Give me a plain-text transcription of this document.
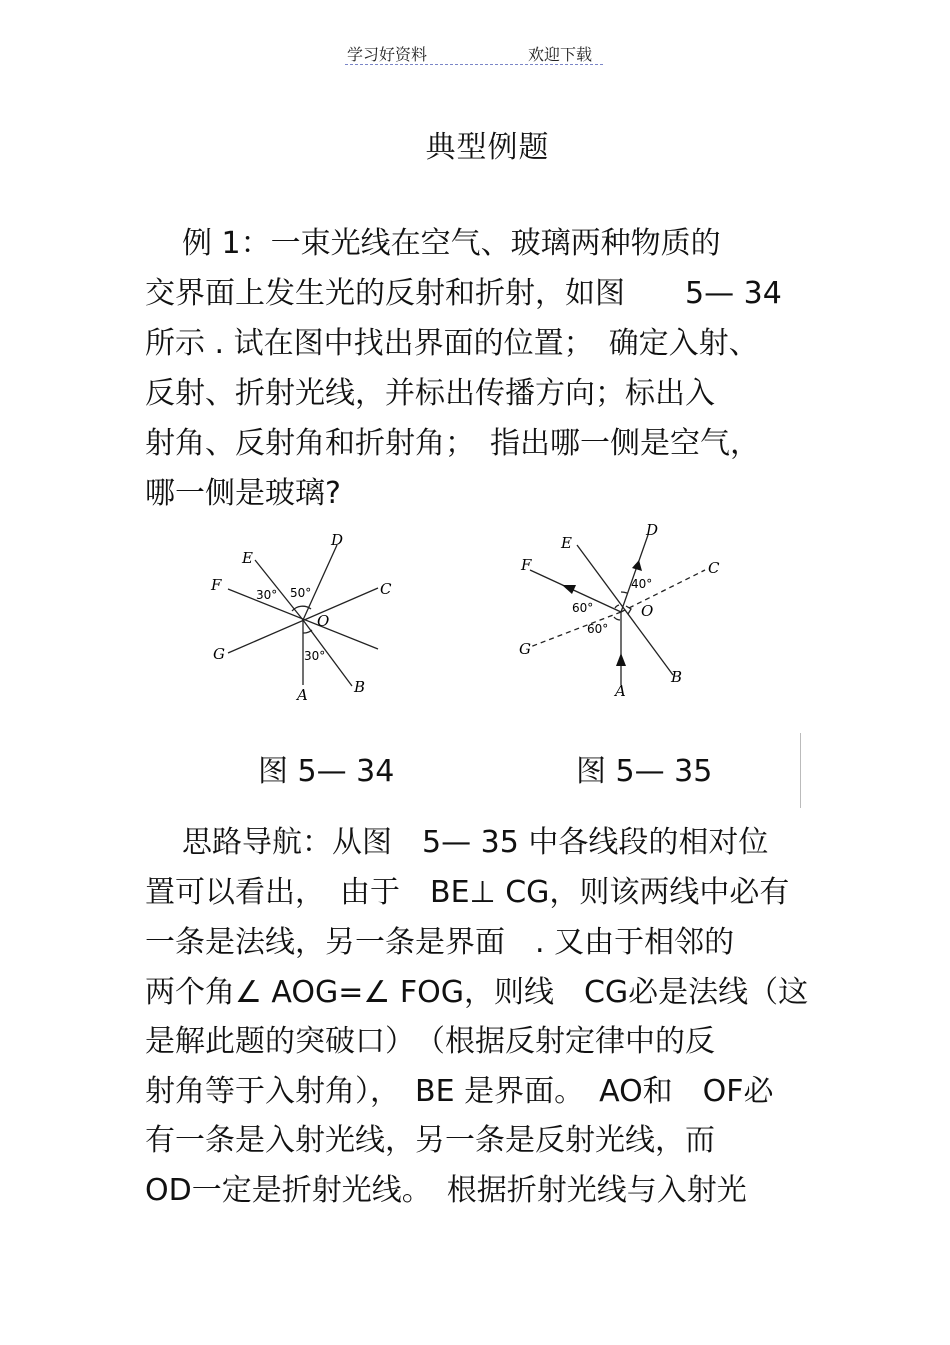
学习好资料	欢迎下载
典型例题
例 1：一束光线在空气、玻璃两种物质的
交界面上发生光的反射和折射，如图　　5— 34
所示 . 试在图中找出界面的位置；　确定入射、
反射、折射光线，并标出传播方向；标出入
射角、反射角和折射角；　指出哪一侧是空气，
哪一侧是玻璃?
A	B
C
D
E
F
G
O
30° 50°
30°
A
B
C
D
E
F
G
O
40°
60°
60°
图 5— 34	图 5— 35
思路导航：从图　5— 35 中各线段的相对位
置可以看出，　由于　BE⊥ CG，则该两线中必有
一条是法线，另一条是界面　. 又由于相邻的
两个角∠ AOG=∠ FOG，则线　CG必是法线（这
是解此题的突破口）　（根据反射定律中的反
射角等于入射角），　BE 是界面。　AO和　OF必
有一条是入射光线，另一条是反射光线，而
OD一定是折射光线。　根据折射光线与入射光
